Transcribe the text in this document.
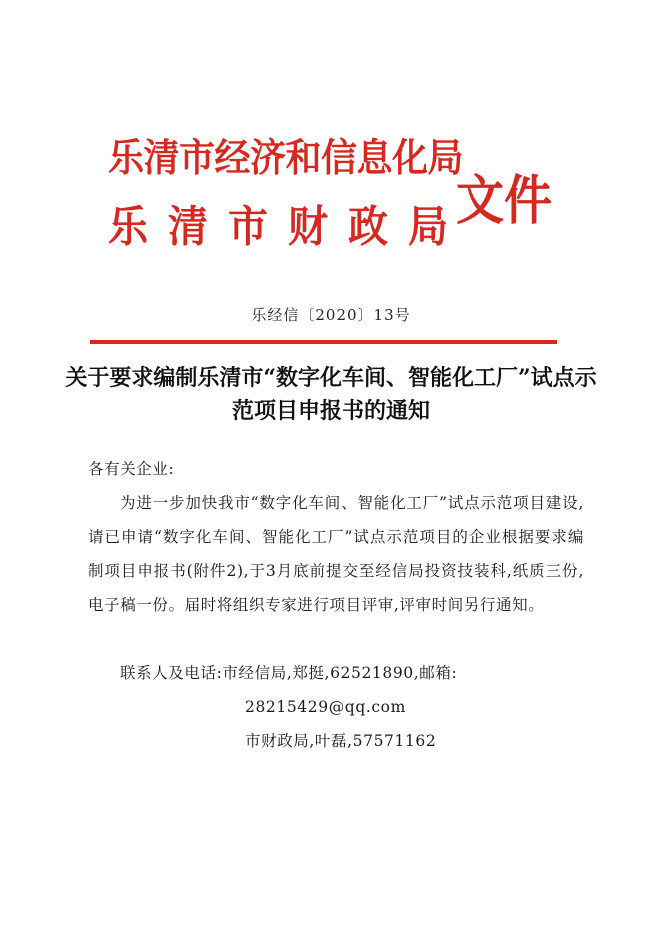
乐清市经济和信息化局
乐清市财政局
文件
乐经信〔2020〕13号
关于要求编制乐清市“数字化车间、智能化工厂”试点示范项目申报书的通知
各有关企业:
为进一步加快我市“数字化车间、智能化工厂”试点示范项目建设,请已申请“数字化车间、智能化工厂”试点示范项目的企业根据要求编制项目申报书(附件2),于3月底前提交至经信局投资技装科,纸质三份,电子稿一份。届时将组织专家进行项目评审,评审时间另行通知。
联系人及电话:市经信局,郑挺,62521890,邮箱:
28215429@qq.com
市财政局,叶磊,57571162
